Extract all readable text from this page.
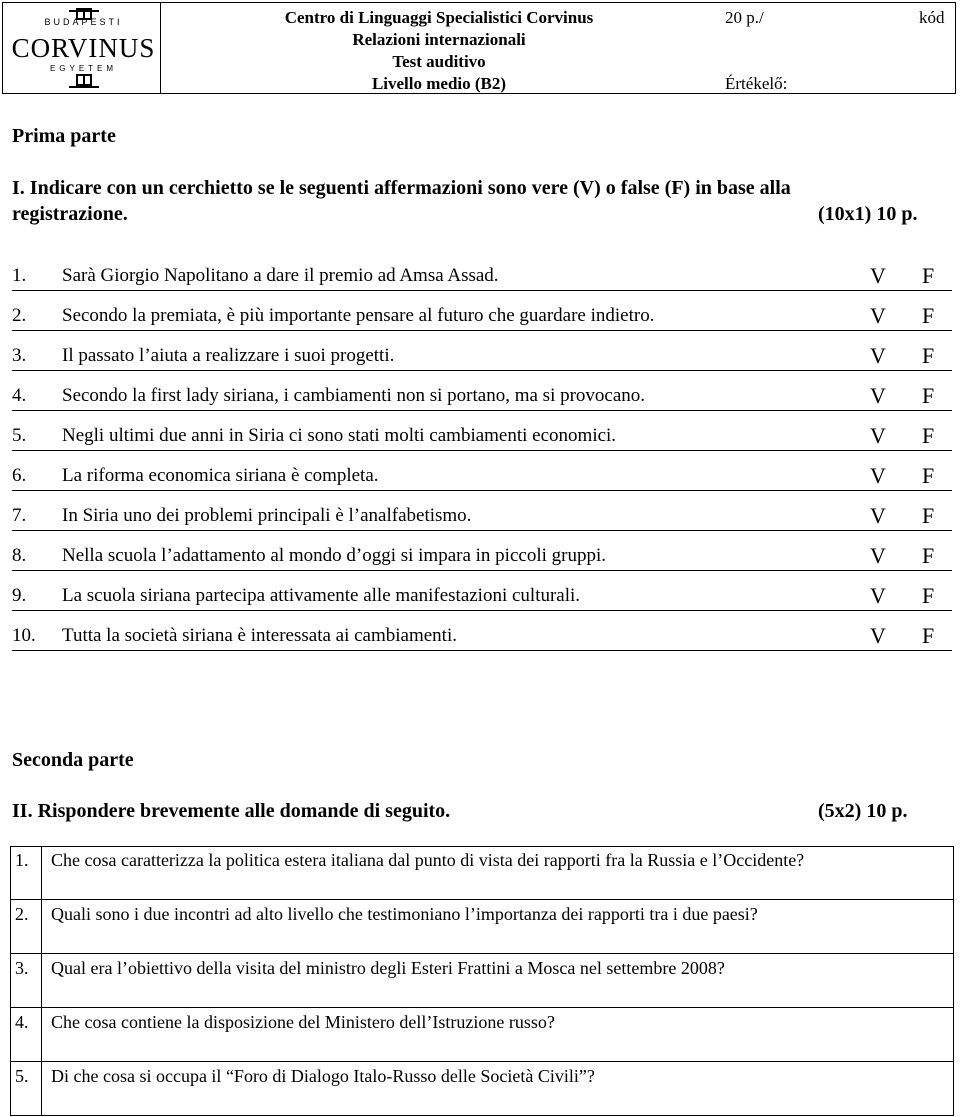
BUDAPESTI
CORVINUS
EGYETEM
Centro di Linguaggi Specialistici Corvinus
Relazioni internazionali
Test auditivo
Livello medio (B2)
20 p./	kód
Értékelő:
Prima parte
I. Indicare con un cerchietto se le seguenti affermazioni sono vere (V) o false (F) in base alla
registrazione.	(10x1) 10 p.
1. Sarà Giorgio Napolitano a dare il premio ad Amsa Assad.	V F
2. Secondo la premiata, è più importante pensare al futuro che guardare indietro.	V F
3. Il passato l’aiuta a realizzare i suoi progetti.	V F
4. Secondo la first lady siriana, i cambiamenti non si portano, ma si provocano.	V F
5. Negli ultimi due anni in Siria ci sono stati molti cambiamenti economici.	V F
6. La riforma economica siriana è completa.	V F
7. In Siria uno dei problemi principali è l’analfabetismo.	V F
8. Nella scuola l’adattamento al mondo d’oggi si impara in piccoli gruppi.	V F
9. La scuola siriana partecipa attivamente alle manifestazioni culturali.	V F
10. Tutta la società siriana è interessata ai cambiamenti.	V F
Seconda parte
II. Rispondere brevemente alle domande di seguito.	(5x2) 10 p.
1. Che cosa caratterizza la politica estera italiana dal punto di vista dei rapporti fra la Russia e l’Occidente?
2. Quali sono i due incontri ad alto livello che testimoniano l’importanza dei rapporti tra i due paesi?
3. Qual era l’obiettivo della visita del ministro degli Esteri Frattini a Mosca nel settembre 2008?
4. Che cosa contiene la disposizione del Ministero dell’Istruzione russo?
5. Di che cosa si occupa il “Foro di Dialogo Italo-Russo delle Società Civili”?
